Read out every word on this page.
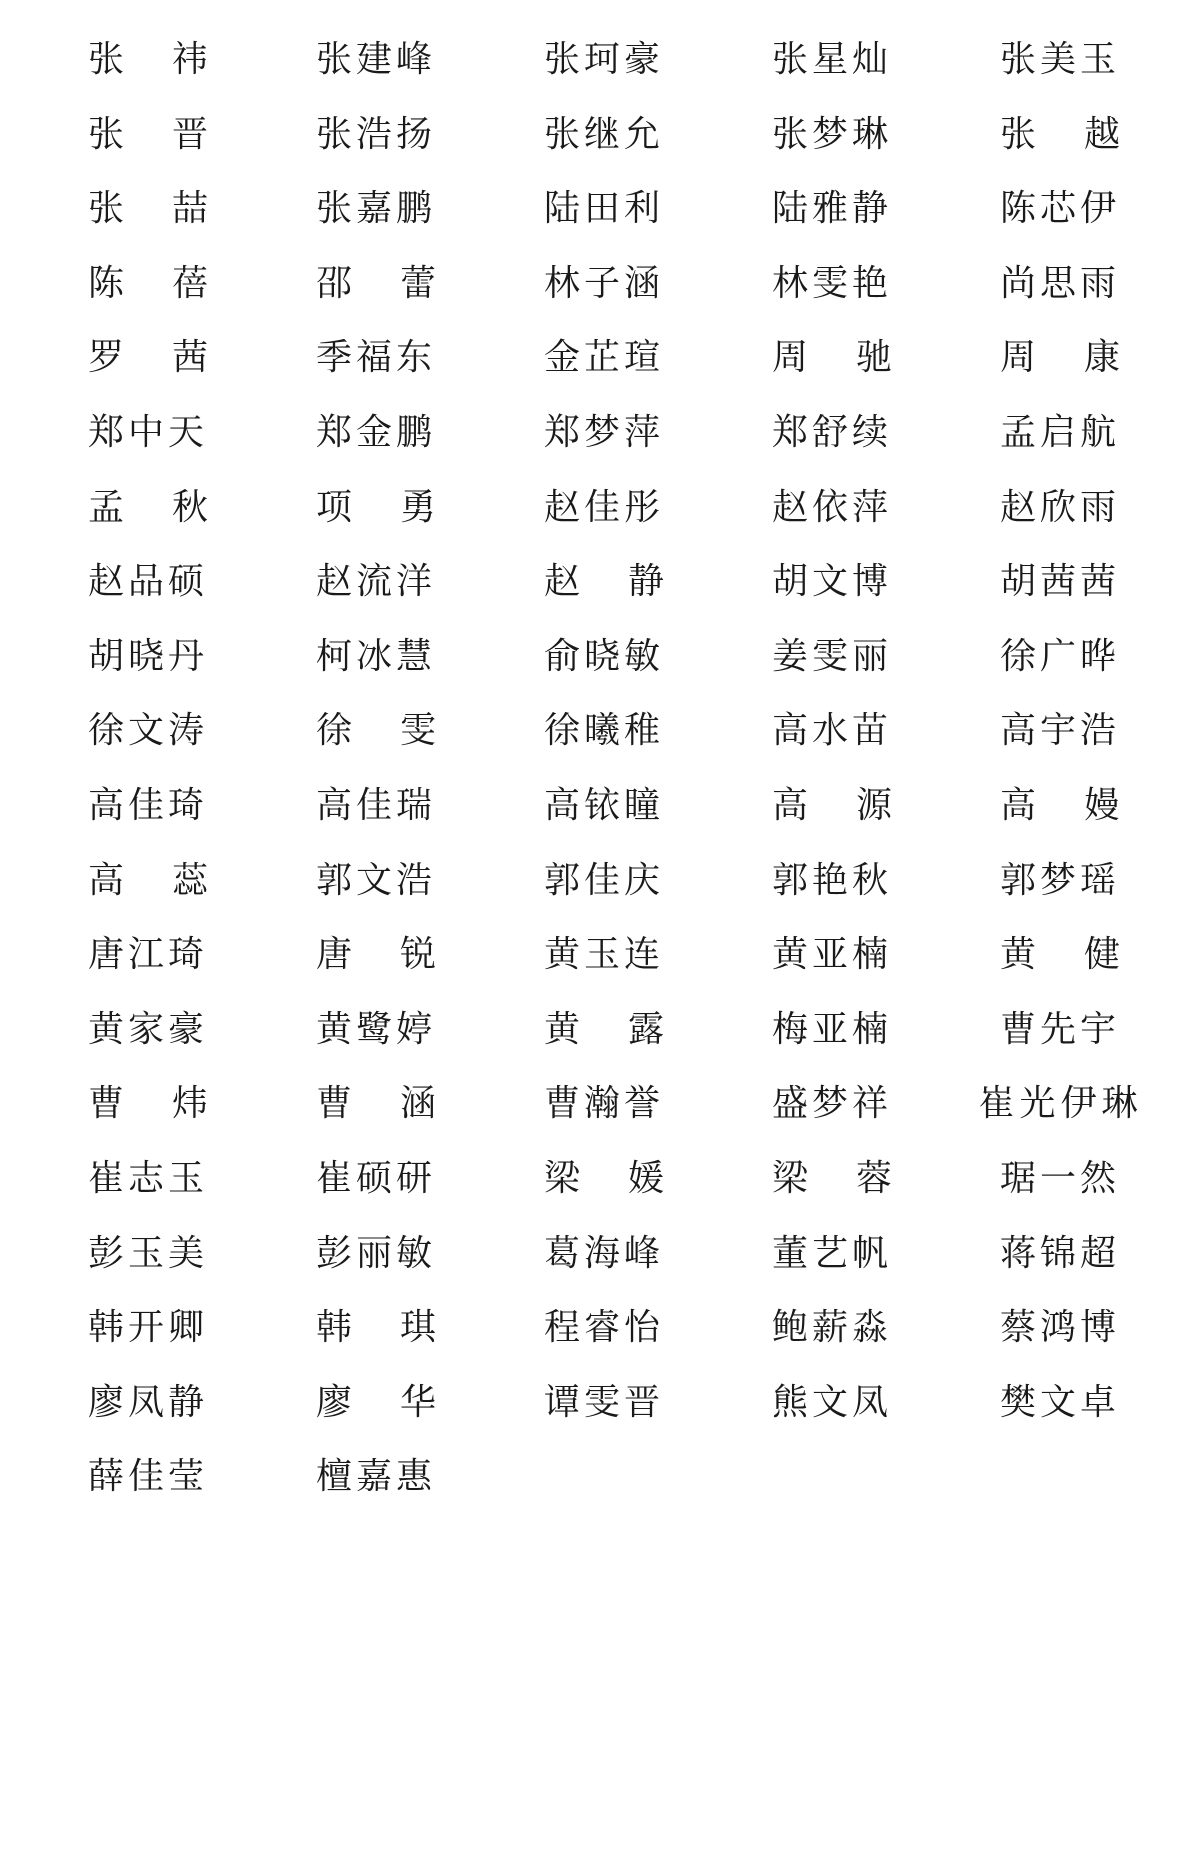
张 祎	张 建 峰	张 珂 豪	张 星 灿	张 美 玉
张 晋	张 浩 扬	张 继 允	张 梦 琳	张 越
张 喆	张 嘉 鹏	陆 田 利	陆 雅 静	陈 芯 伊
陈 蓓	邵 蕾	林 子 涵	林 雯 艳	尚 思 雨
罗 茜	季 福 东	金 芷 瑄	周 驰	周 康
郑 中 天	郑 金 鹏	郑 梦 萍	郑 舒 续	孟 启 航
孟 秋	项 勇	赵 佳 彤	赵 依 萍	赵 欣 雨
赵 品 硕	赵 流 洋	赵 静	胡 文 博	胡 茜 茜
胡 晓 丹	柯 冰 慧	俞 晓 敏	姜 雯 丽	徐 广 晔
徐 文 涛	徐 雯	徐 曦 稚	高 水 苗	高 宇 浩
高 佳 琦	高 佳 瑞	高 铱 瞳	高 源	高 嫚
高 蕊	郭 文 浩	郭 佳 庆	郭 艳 秋	郭 梦 瑶
唐 江 琦	唐 锐	黄 玉 连	黄 亚 楠	黄 健
黄 家 豪	黄 鹭 婷	黄 露	梅 亚 楠	曹 先 宇
曹 炜	曹 涵	曹 瀚 誉	盛 梦 祥	崔 光 伊 琳
崔 志 玉	崔 硕 研	梁 媛	梁 蓉	琚 一 然
彭 玉 美	彭 丽 敏	葛 海 峰	董 艺 帆	蒋 锦 超
韩 开 卿	韩 琪	程 睿 怡	鲍 薪 淼	蔡 鸿 博
廖 凤 静	廖 华	谭 雯 晋	熊 文 凤	樊 文 卓
薛 佳 莹	檀 嘉 惠
